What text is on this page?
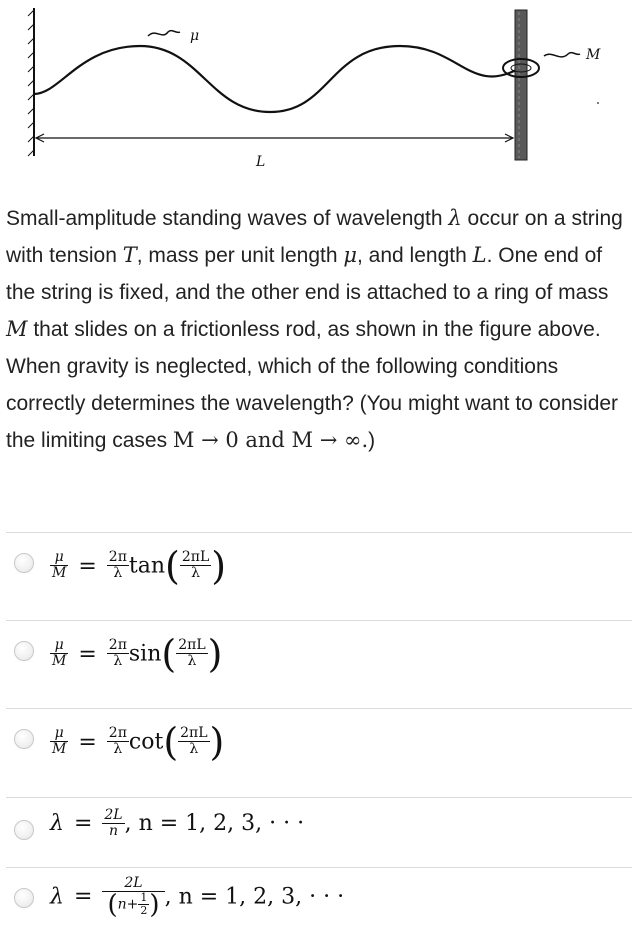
μ
M
L
Small-amplitude standing waves of wavelength λ occur on a string with tension T, mass per unit length μ, and length L. One end of the string is fixed, and the other end is attached to a ring of mass M that slides on a frictionless rod, as shown in the figure above. When gravity is neglected, which of the following conditions correctly determines the wavelength? (You might want to consider the limiting cases M → 0 and M → ∞.)
$\frac{\mu}{M} = \frac{2\pi}{\lambda} \tan( \frac{2\pi L}{\lambda}$ )
$\frac{\mu}{M} = \frac{2\pi}{\lambda} \sin( \frac{2\pi L}{\lambda}$ )
$\frac{\mu}{M} = \frac{2\pi}{\lambda} \cot( \frac{2\pi L}{\lambda}$ )
$\lambda = \frac{2L}{n}$ , n = 1, 2, 3, · · ·
$\lambda = \frac{2L}{(n+ \frac{1}{2} )}$ , n = 1, 2, 3, · · ·
